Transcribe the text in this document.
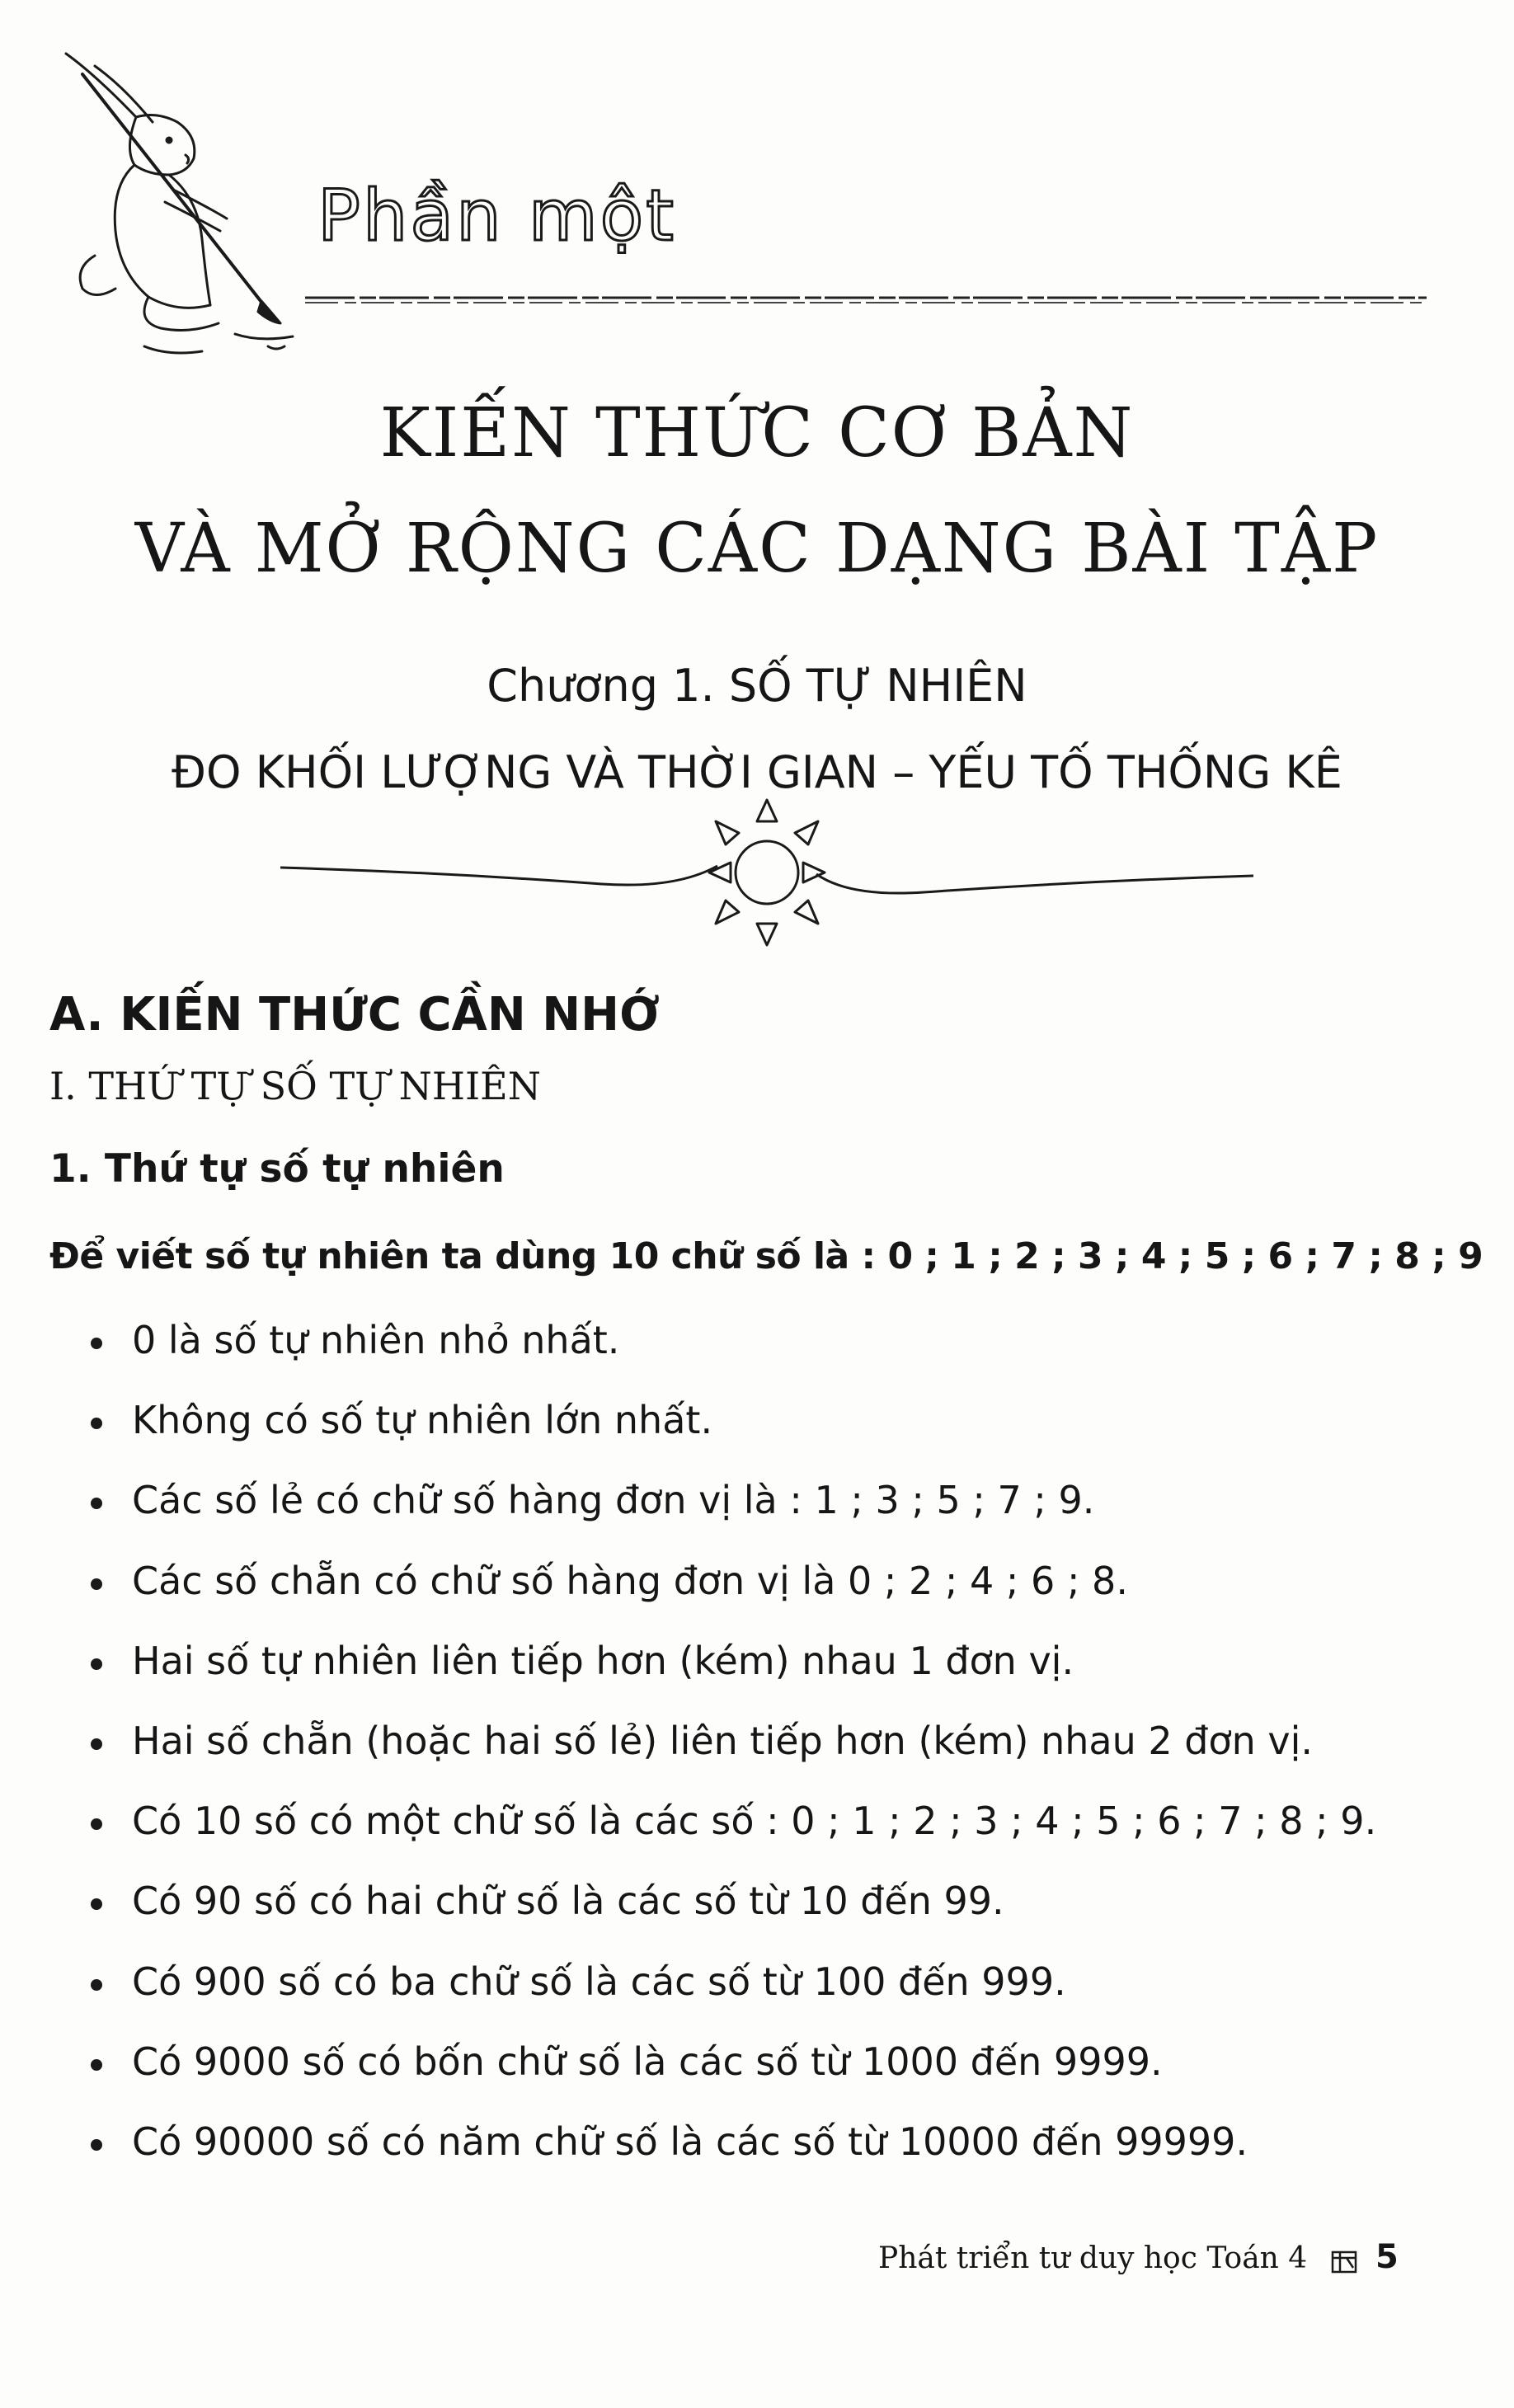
Phần một
KIẾN THỨC CƠ BẢN
VÀ MỞ RỘNG CÁC DẠNG BÀI TẬP
Chương 1. SỐ TỰ NHIÊN
ĐO KHỐI LƯỢNG VÀ THỜI GIAN – YẾU TỐ THỐNG KÊ
A. KIẾN THỨC CẦN NHỚ
I. THỨ TỰ SỐ TỰ NHIÊN
1. Thứ tự số tự nhiên
Để viết số tự nhiên ta dùng 10 chữ số là : 0 ; 1 ; 2 ; 3 ; 4 ; 5 ; 6 ; 7 ; 8 ; 9
0 là số tự nhiên nhỏ nhất.
Không có số tự nhiên lớn nhất.
Các số lẻ có chữ số hàng đơn vị là : 1 ; 3 ; 5 ; 7 ; 9.
Các số chẵn có chữ số hàng đơn vị là 0 ; 2 ; 4 ; 6 ; 8.
Hai số tự nhiên liên tiếp hơn (kém) nhau 1 đơn vị.
Hai số chẵn (hoặc hai số lẻ) liên tiếp hơn (kém) nhau 2 đơn vị.
Có 10 số có một chữ số là các số : 0 ; 1 ; 2 ; 3 ; 4 ; 5 ; 6 ; 7 ; 8 ; 9.
Có 90 số có hai chữ số là các số từ 10 đến 99.
Có 900 số có ba chữ số là các số từ 100 đến 999.
Có 9000 số có bốn chữ số là các số từ 1000 đến 9999.
Có 90000 số có năm chữ số là các số từ 10000 đến 99999.
Phát triển tư duy học Toán 4 5
